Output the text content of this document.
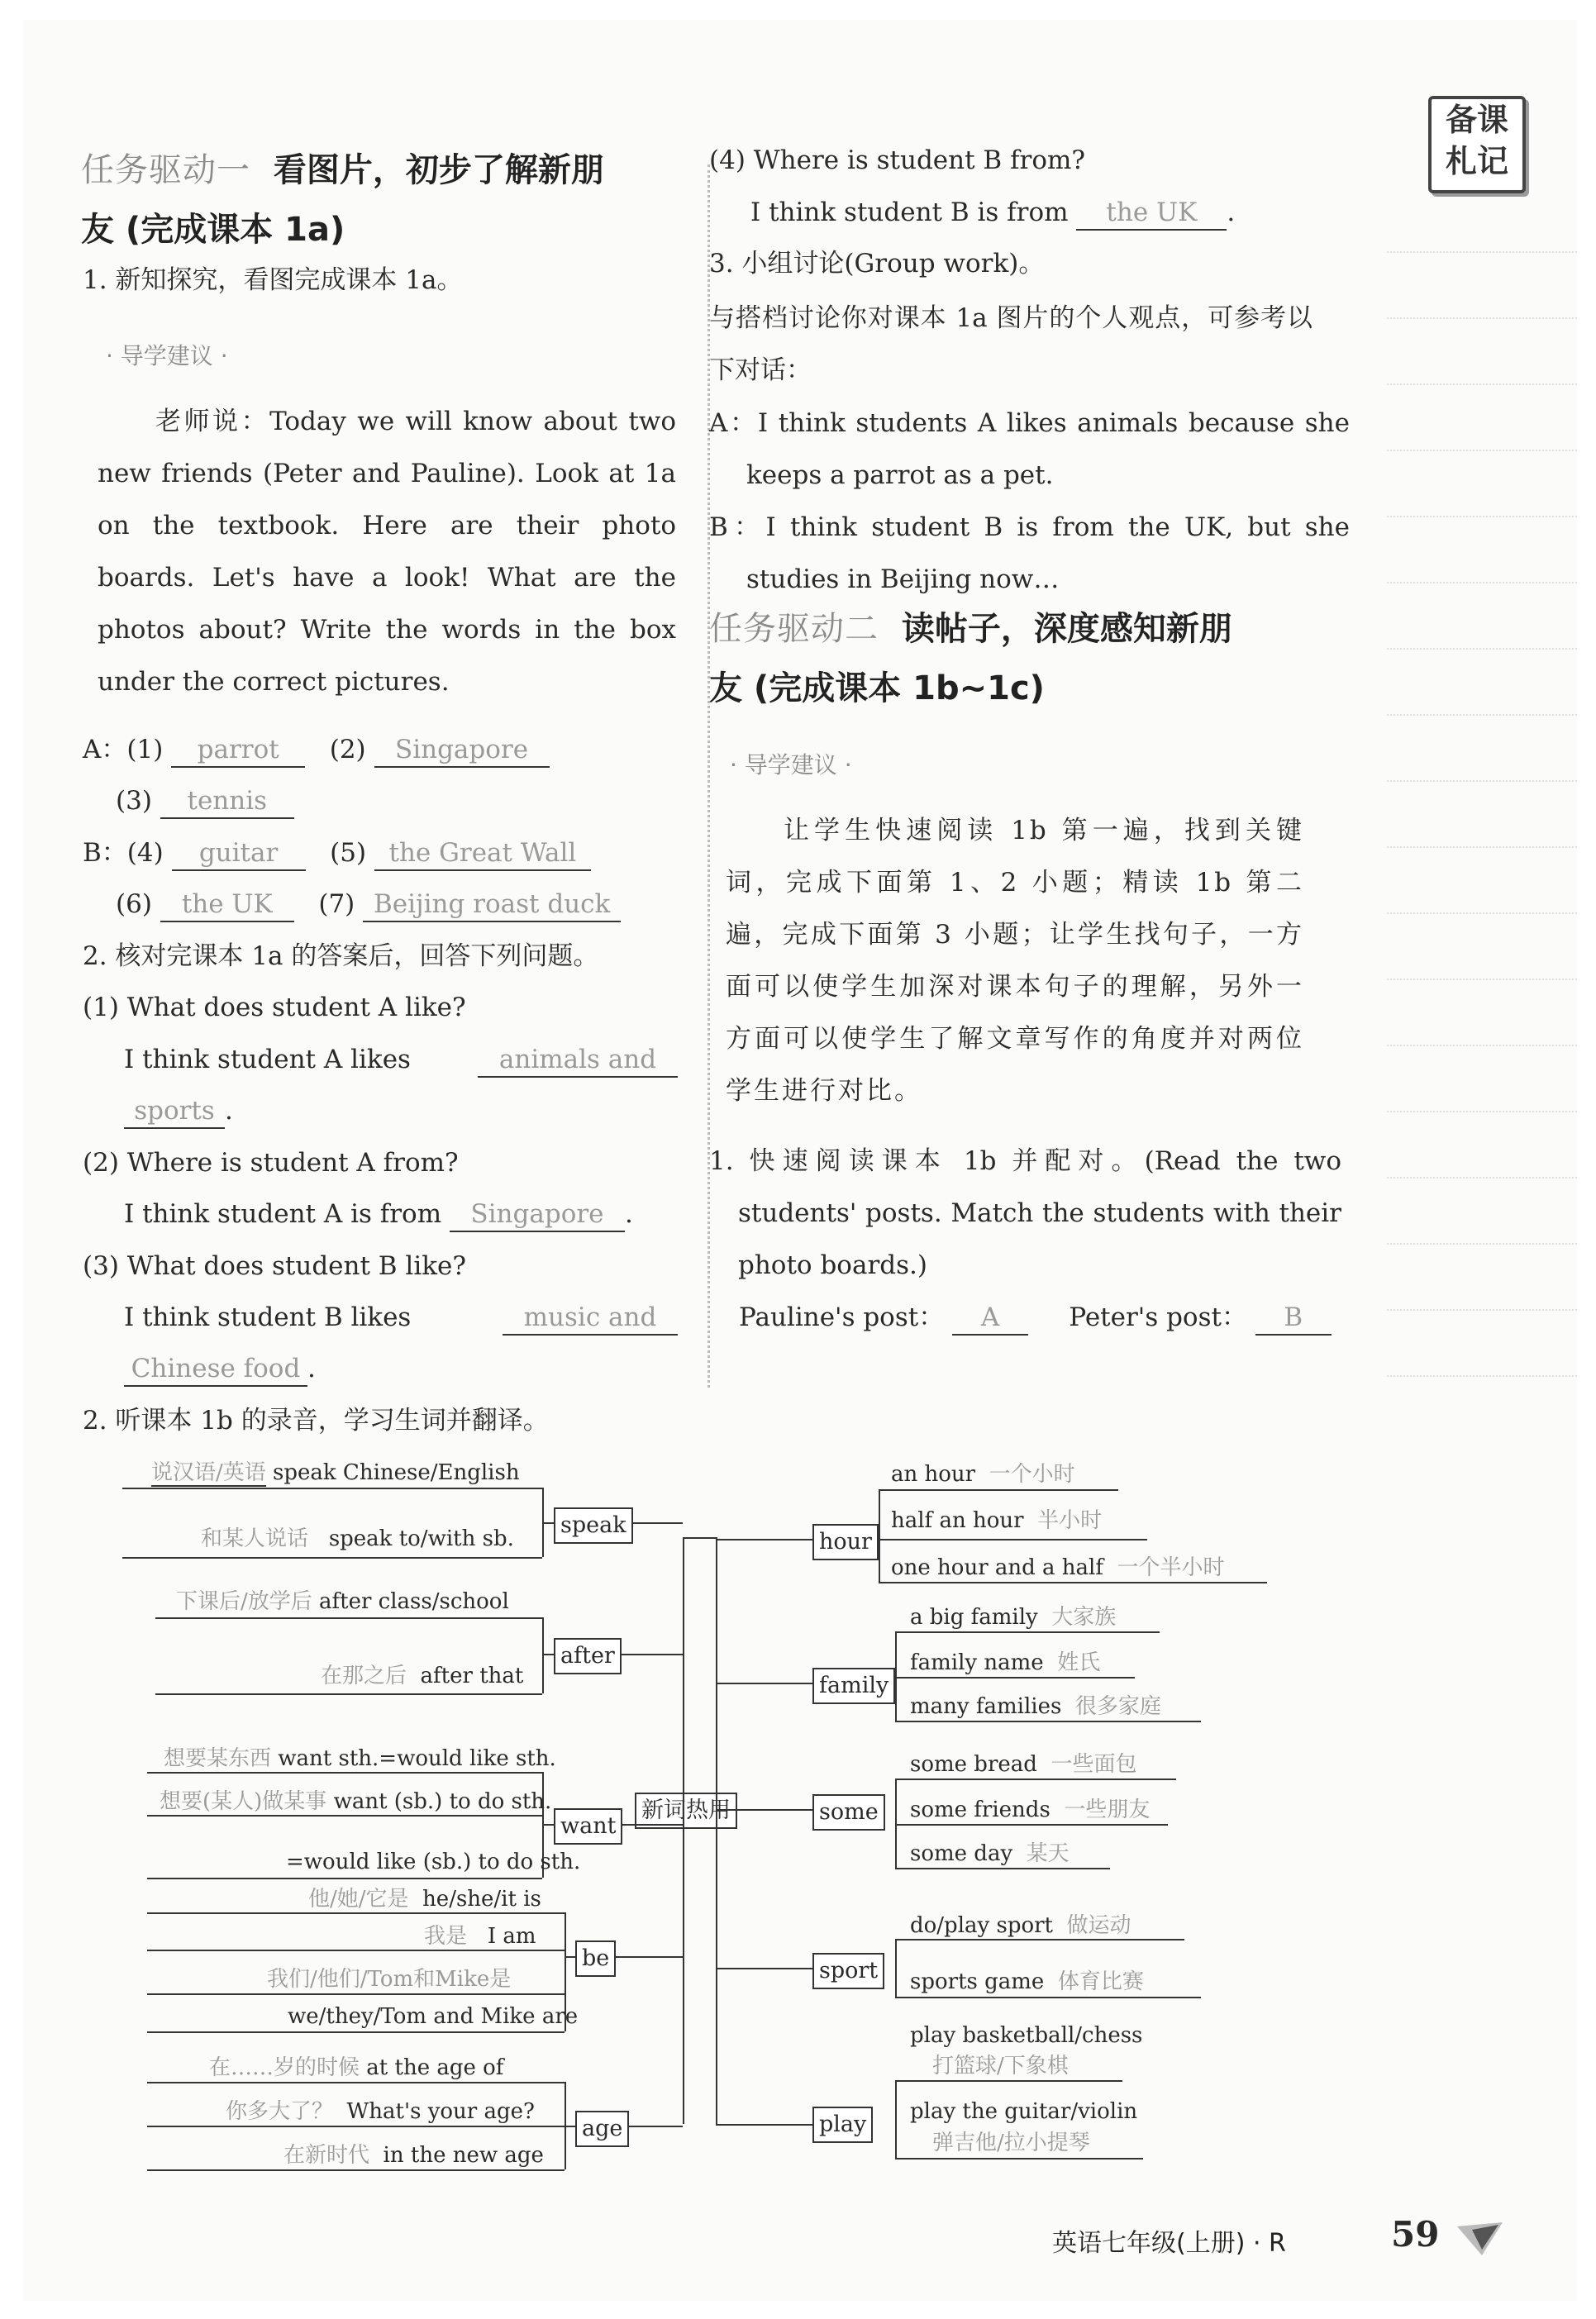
备课
札记
任务驱动一 看图片，初步了解新朋
友 (完成课本 1a)
1. 新知探究，看图完成课本 1a。
· 导学建议 ·
老师说：Today we will know about two new friends (Peter and Pauline). Look at 1a on the textbook. Here are their photo boards. Let's have a look! What are the photos about? Write the words in the box under the correct pictures.
A：(1) parrot (2) Singapore
(3) tennis
B：(4) guitar (5) the Great Wall
(6) the UK (7) Beijing roast duck
2. 核对完课本 1a 的答案后，回答下列问题。
(1) What does student A like?
I think student A likes	animals and
sports .
(2) Where is student A from?
I think student A is from Singapore .
(3) What does student B like?
I think student B likes	music and
Chinese food .
(4) Where is student B from?
I think student B is from the UK .
3. 小组讨论(Group work)。
与搭档讨论你对课本 1a 图片的个人观点，可参考以下对话：
A：I think students A likes animals because she keeps a parrot as a pet.
B：I think student B is from the UK, but she studies in Beijing now…
任务驱动二 读帖子，深度感知新朋
友 (完成课本 1b~1c)
· 导学建议 ·
让学生快速阅读 1b 第一遍，找到关键词，完成下面第 1、2 小题；精读 1b 第二遍，完成下面第 3 小题；让学生找句子，一方面可以使学生加深对课本句子的理解，另外一方面可以使学生了解文章写作的角度并对两位学生进行对比。
1. 快速阅读课本 1b 并配对。(Read the two students' posts. Match the students with their photo boards.)
Pauline's post： A	Peter's post： B
2. 听课本 1b 的录音，学习生词并翻译。
新词热用
speak
说汉语/英语 speak Chinese/English
和某人说话 speak to/with sb.
after
下课后/放学后 after class/school
在那之后 after that
want
想要某东西 want sth.=would like sth.
想要(某人)做某事 want (sb.) to do sth.
=would like (sb.) to do sth.
be
他/她/它是 he/she/it is
我是 I am
我们/他们/Tom和Mike是
we/they/Tom and Mike are
age
在……岁的时候 at the age of
你多大了？ What's your age?
在新时代 in the new age
hour
an hour 一个小时
half an hour 半小时
one hour and a half 一个半小时
family
a big family 大家族
family name 姓氏
many families 很多家庭
some
some bread 一些面包
some friends 一些朋友
some day 某天
sport
do/play sport 做运动
sports game 体育比赛
play
play basketball/chess
打篮球/下象棋
play the guitar/violin
弹吉他/拉小提琴
英语七年级(上册) · R	59
